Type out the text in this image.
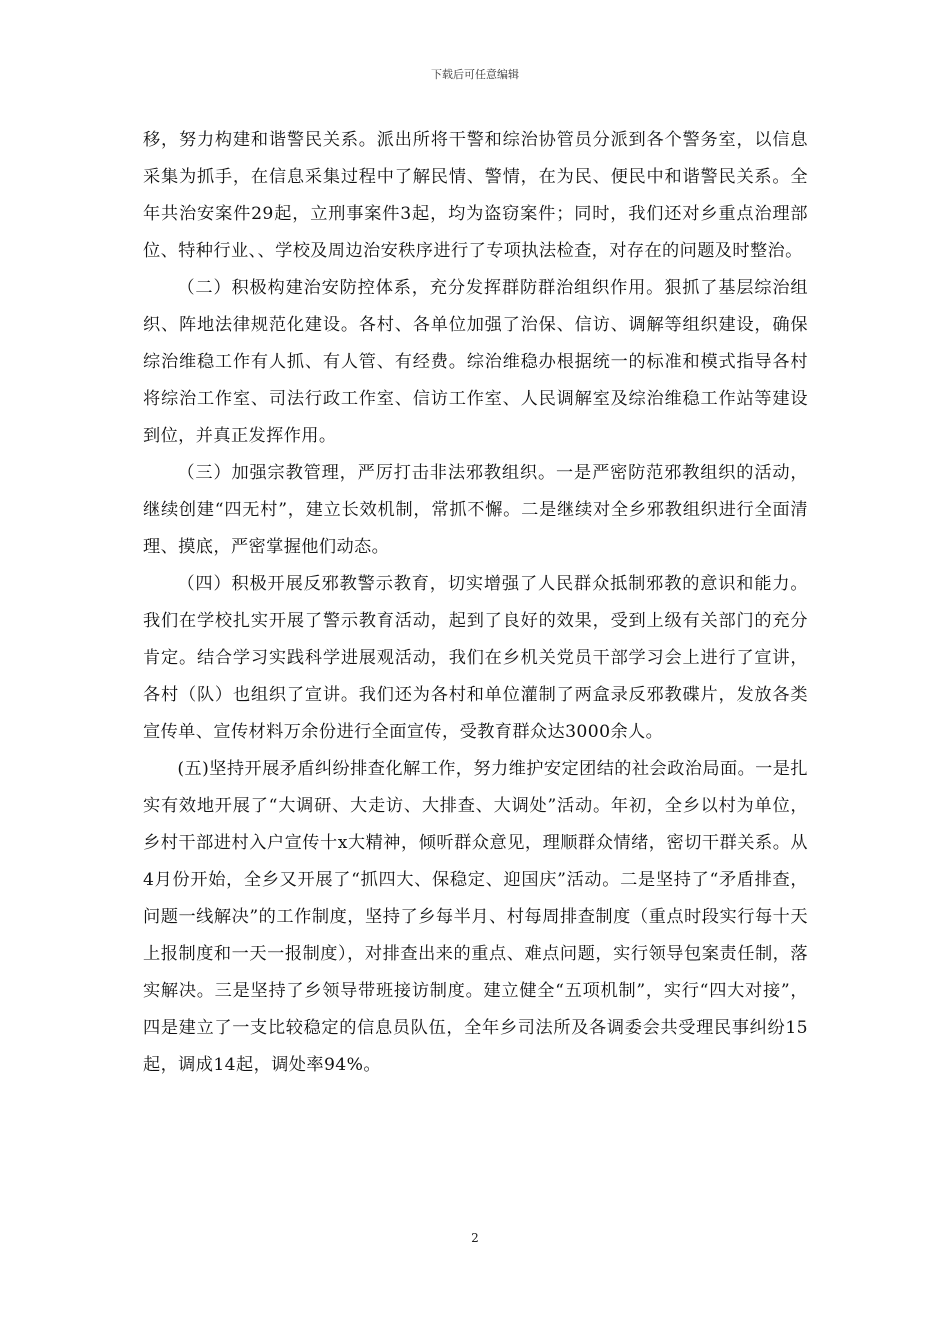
下载后可任意编辑

移，努力构建和谐警民关系。派出所将干警和综治协管员分派到各个警务室，以信息采集为抓手，在信息采集过程中了解民情、警情，在为民、便民中和谐警民关系。全年共治安案件29起，立刑事案件3起，均为盗窃案件；同时，我们还对乡重点治理部位、特种行业、、学校及周边治安秩序进行了专项执法检查，对存在的问题及时整治。

（二）积极构建治安防控体系，充分发挥群防群治组织作用。狠抓了基层综治组织、阵地法律规范化建设。各村、各单位加强了治保、信访、调解等组织建设，确保综治维稳工作有人抓、有人管、有经费。综治维稳办根据统一的标准和模式指导各村将综治工作室、司法行政工作室、信访工作室、人民调解室及综治维稳工作站等建设到位，并真正发挥作用。

（三）加强宗教管理，严厉打击非法邪教组织。一是严密防范邪教组织的活动，继续创建“四无村”，建立长效机制，常抓不懈。二是继续对全乡邪教组织进行全面清理、摸底，严密掌握他们动态。

（四）积极开展反邪教警示教育，切实增强了人民群众抵制邪教的意识和能力。我们在学校扎实开展了警示教育活动，起到了良好的效果，受到上级有关部门的充分肯定。结合学习实践科学进展观活动，我们在乡机关党员干部学习会上进行了宣讲，各村（队）也组织了宣讲。我们还为各村和单位灌制了两盒录反邪教碟片，发放各类宣传单、宣传材料万余份进行全面宣传，受教育群众达3000余人。

(五)坚持开展矛盾纠纷排查化解工作，努力维护安定团结的社会政治局面。一是扎实有效地开展了“大调研、大走访、大排查、大调处”活动。年初，全乡以村为单位，乡村干部进村入户宣传十x大精神，倾听群众意见，理顺群众情绪，密切干群关系。从4月份开始，全乡又开展了“抓四大、保稳定、迎国庆”活动。二是坚持了“矛盾排查，问题一线解决”的工作制度，坚持了乡每半月、村每周排查制度（重点时段实行每十天上报制度和一天一报制度），对排查出来的重点、难点问题，实行领导包案责任制，落实解决。三是坚持了乡领导带班接访制度。建立健全“五项机制”，实行“四大对接”，四是建立了一支比较稳定的信息员队伍，全年乡司法所及各调委会共受理民事纠纷15起，调成14起，调处率94%。

2
